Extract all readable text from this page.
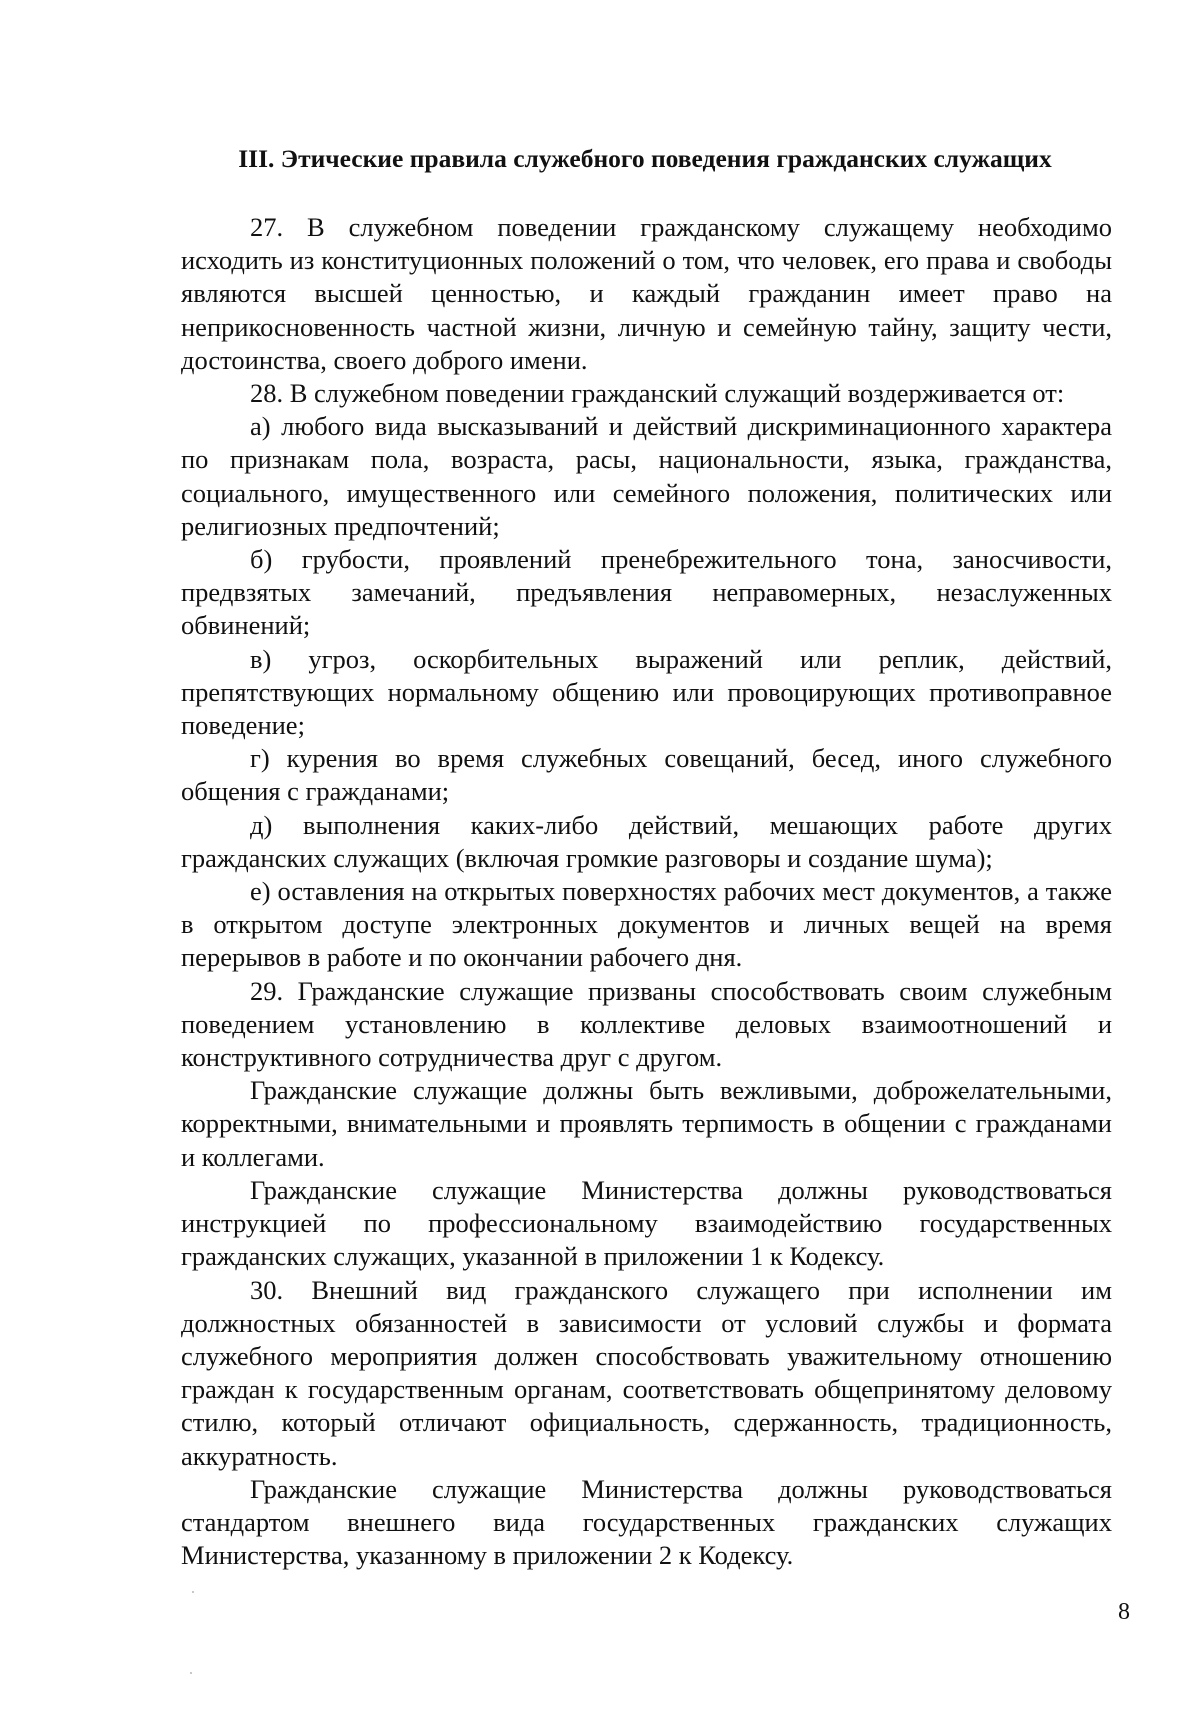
III. Этические правила служебного поведения гражданских служащих

27. В служебном поведении гражданскому служащему необходимо исходить из конституционных положений о том, что человек, его права и свободы являются высшей ценностью, и каждый гражданин имеет право на неприкосновенность частной жизни, личную и семейную тайну, защиту чести, достоинства, своего доброго имени.

28. В служебном поведении гражданский служащий воздерживается от:

а) любого вида высказываний и действий дискриминационного характера по признакам пола, возраста, расы, национальности, языка, гражданства, социального, имущественного или семейного положения, политических или религиозных предпочтений;

б) грубости, проявлений пренебрежительного тона, заносчивости, предвзятых замечаний, предъявления неправомерных, незаслуженных обвинений;

в) угроз, оскорбительных выражений или реплик, действий, препятствующих нормальному общению или провоцирующих противоправное поведение;

г) курения во время служебных совещаний, бесед, иного служебного общения с гражданами;

д) выполнения каких-либо действий, мешающих работе других гражданских служащих (включая громкие разговоры и создание шума);

е) оставления на открытых поверхностях рабочих мест документов, а также в открытом доступе электронных документов и личных вещей на время перерывов в работе и по окончании рабочего дня.

29. Гражданские служащие призваны способствовать своим служебным поведением установлению в коллективе деловых взаимоотношений и конструктивного сотрудничества друг с другом.

Гражданские служащие должны быть вежливыми, доброжелательными, корректными, внимательными и проявлять терпимость в общении с гражданами и коллегами.

Гражданские служащие Министерства должны руководствоваться инструкцией по профессиональному взаимодействию государственных гражданских служащих, указанной в приложении 1 к Кодексу.

30. Внешний вид гражданского служащего при исполнении им должностных обязанностей в зависимости от условий службы и формата служебного мероприятия должен способствовать уважительному отношению граждан к государственным органам, соответствовать общепринятому деловому стилю, который отличают официальность, сдержанность, традиционность, аккуратность.

Гражданские служащие Министерства должны руководствоваться стандартом внешнего вида государственных гражданских служащих Министерства, указанному в приложении 2 к Кодексу.

8
